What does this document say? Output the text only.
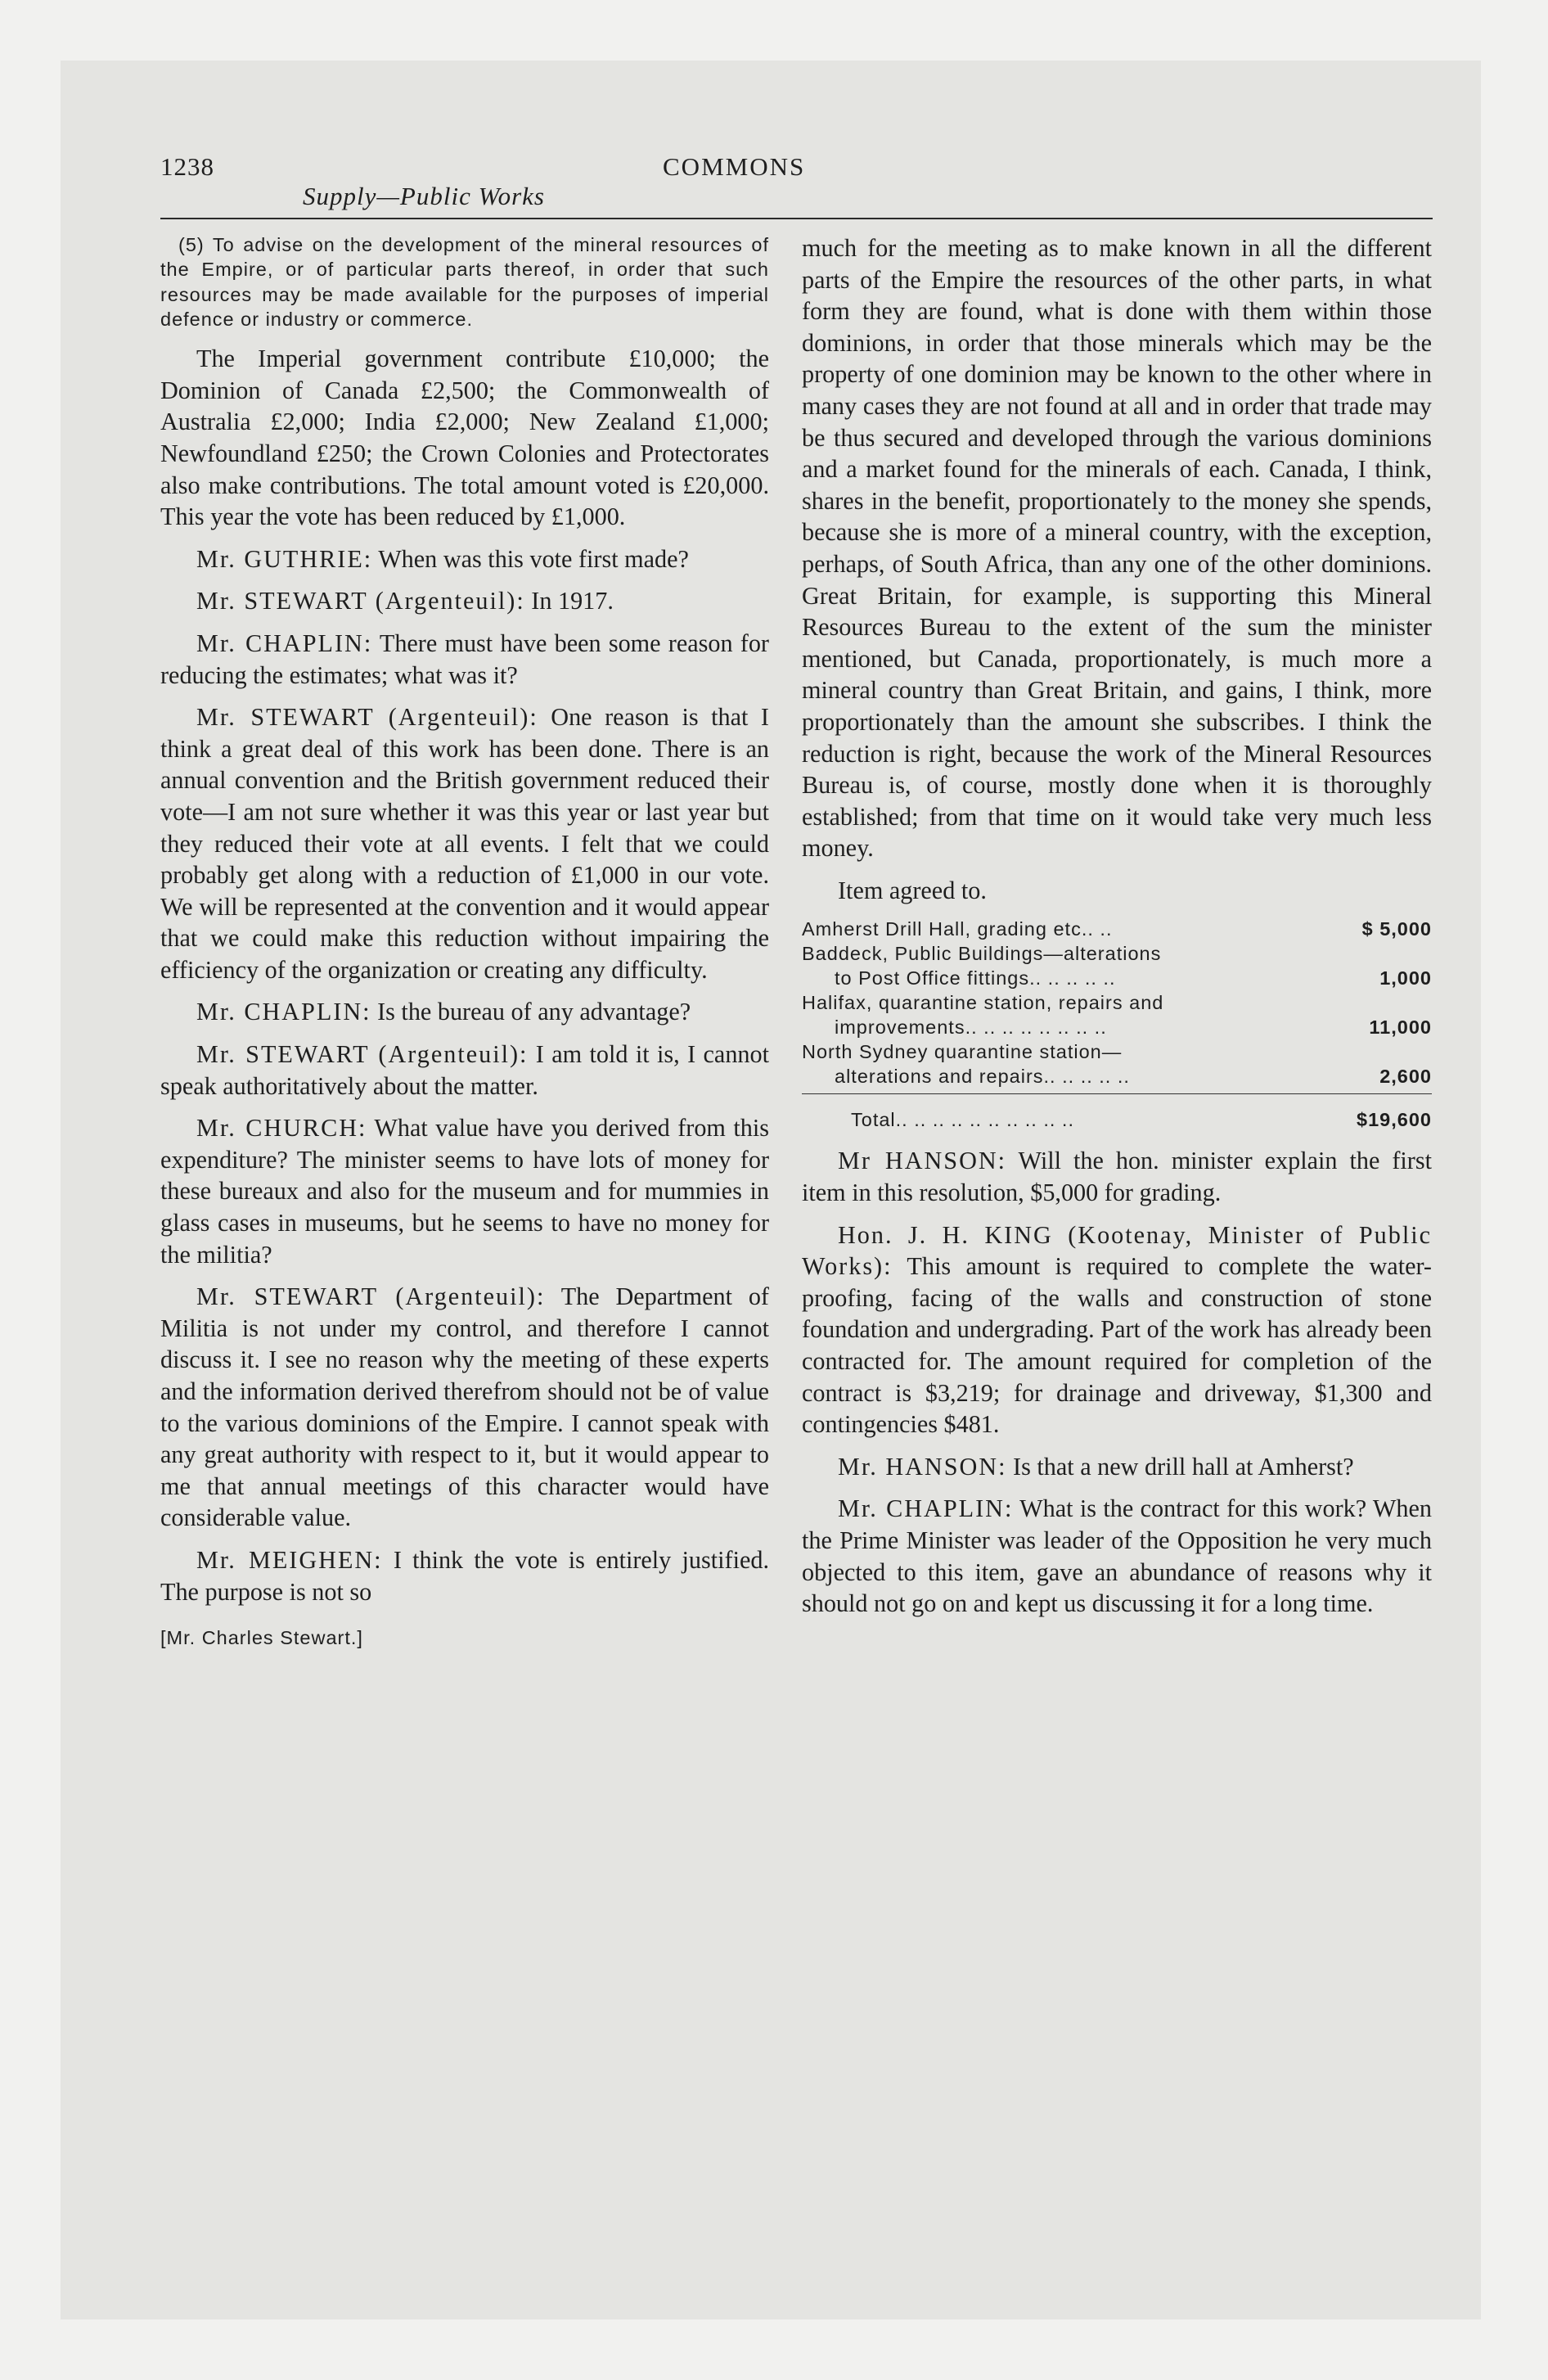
1238	COMMONS
Supply—Public Works

(5) To advise on the development of the mineral resources of the Empire, or of particular parts thereof, in order that such resources may be made available for the purposes of imperial defence or industry or commerce.

The Imperial government contribute £10,000; the Dominion of Canada £2,500; the Commonwealth of Australia £2,000; India £2,000; New Zealand £1,000; Newfoundland £250; the Crown Colonies and Protectorates also make contributions. The total amount voted is £20,000. This year the vote has been reduced by £1,000.

Mr. GUTHRIE: When was this vote first made?

Mr. STEWART (Argenteuil): In 1917.

Mr. CHAPLIN: There must have been some reason for reducing the estimates; what was it?

Mr. STEWART (Argenteuil): One reason is that I think a great deal of this work has been done. There is an annual convention and the British government reduced their vote—I am not sure whether it was this year or last year but they reduced their vote at all events. I felt that we could probably get along with a reduction of £1,000 in our vote. We will be represented at the convention and it would appear that we could make this reduction without impairing the efficiency of the organization or creating any difficulty.

Mr. CHAPLIN: Is the bureau of any advantage?

Mr. STEWART (Argenteuil): I am told it is, I cannot speak authoritatively about the matter.

Mr. CHURCH: What value have you derived from this expenditure? The minister seems to have lots of money for these bureaux and also for the museum and for mummies in glass cases in museums, but he seems to have no money for the militia?

Mr. STEWART (Argenteuil): The Department of Militia is not under my control, and therefore I cannot discuss it. I see no reason why the meeting of these experts and the information derived therefrom should not be of value to the various dominions of the Empire. I cannot speak with any great authority with respect to it, but it would appear to me that annual meetings of this character would have considerable value.

Mr. MEIGHEN: I think the vote is entirely justified. The purpose is not so

[Mr. Charles Stewart.]

much for the meeting as to make known in all the different parts of the Empire the resources of the other parts, in what form they are found, what is done with them within those dominions, in order that those minerals which may be the property of one dominion may be known to the other where in many cases they are not found at all and in order that trade may be thus secured and developed through the various dominions and a market found for the minerals of each. Canada, I think, shares in the benefit, proportionately to the money she spends, because she is more of a mineral country, with the exception, perhaps, of South Africa, than any one of the other dominions. Great Britain, for example, is supporting this Mineral Resources Bureau to the extent of the sum the minister mentioned, but Canada, proportionately, is much more a mineral country than Great Britain, and gains, I think, more proportionately than the amount she subscribes. I think the reduction is right, because the work of the Mineral Resources Bureau is, of course, mostly done when it is thoroughly established; from that time on it would take very much less money.

Item agreed to.

Amherst Drill Hall, grading etc.. ..	$ 5,000
Baddeck, Public Buildings—alterations
to Post Office fittings.. .. .. .. ..	1,000
Halifax, quarantine station, repairs and
improvements.. .. .. .. .. .. .. ..	11,000
North Sydney quarantine station—
alterations and repairs.. .. .. .. ..	2,600
Total.. .. .. .. .. .. .. .. .. ..	$19,600

Mr HANSON: Will the hon. minister explain the first item in this resolution, $5,000 for grading.

Hon. J. H. KING (Kootenay, Minister of Public Works): This amount is required to complete the water-proofing, facing of the walls and construction of stone foundation and undergrading. Part of the work has already been contracted for. The amount required for completion of the contract is $3,219; for drainage and driveway, $1,300 and contingencies $481.

Mr. HANSON: Is that a new drill hall at Amherst?

Mr. CHAPLIN: What is the contract for this work? When the Prime Minister was leader of the Opposition he very much objected to this item, gave an abundance of reasons why it should not go on and kept us discussing it for a long time.
